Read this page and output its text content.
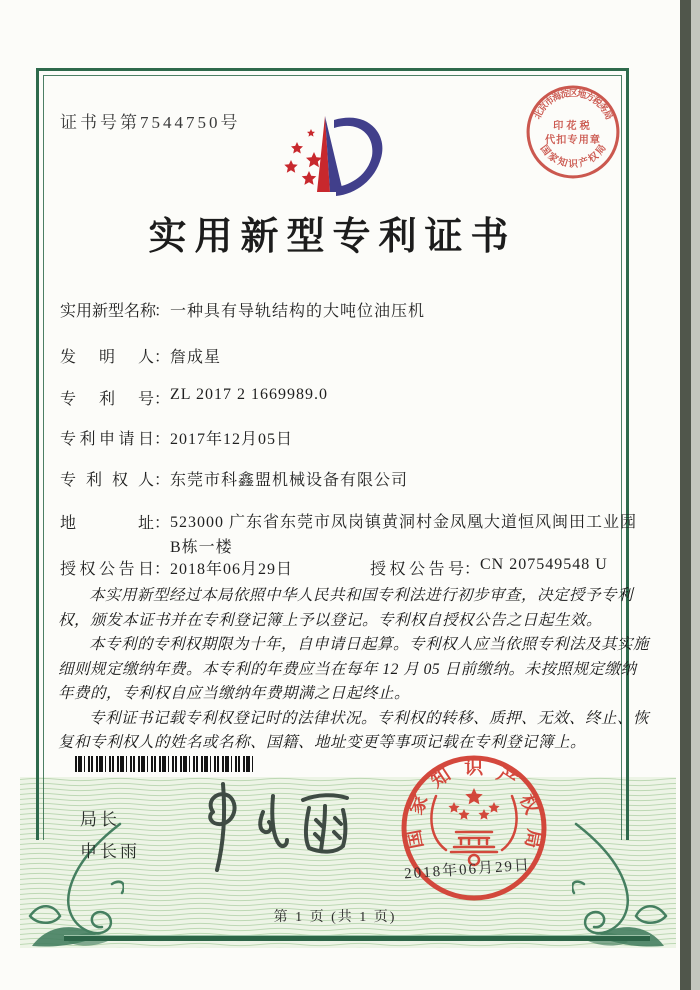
证书号第7544750号	北京市海淀区地方税务局
国家知识产权局
印花税
代扣专用章
实用新型专利证书
实用新型名称：一种具有导轨结构的大吨位油压机
发明人：詹成星
专利号：ZL 2017 2 1669989.0
专利申请日：2017年12月05日
专利权人：东莞市科鑫盟机械设备有限公司
地址：523000 广东省东莞市凤岗镇黄洞村金凤凰大道恒风闽田工业园B栋一楼
授权公告日：2018年06月29日	授权公告号：CN 207549548 U

本实用新型经过本局依照中华人民共和国专利法进行初步审查，决定授予专利权，颁发本证书并在专利登记簿上予以登记。专利权自授权公告之日起生效。

本专利的专利权期限为十年，自申请日起算。专利权人应当依照专利法及其实施细则规定缴纳年费。本专利的年费应当在每年 12 月 05 日前缴纳。未按照规定缴纳年费的，专利权自应当缴纳年费期满之日起终止。

专利证书记载专利权登记时的法律状况。专利权的转移、质押、无效、终止、恢复和专利权人的姓名或名称、国籍、地址变更等事项记载在专利登记簿上。

局长
申长雨
国家知识产权局
2018年06月29日
第 1 页 (共 1 页)
